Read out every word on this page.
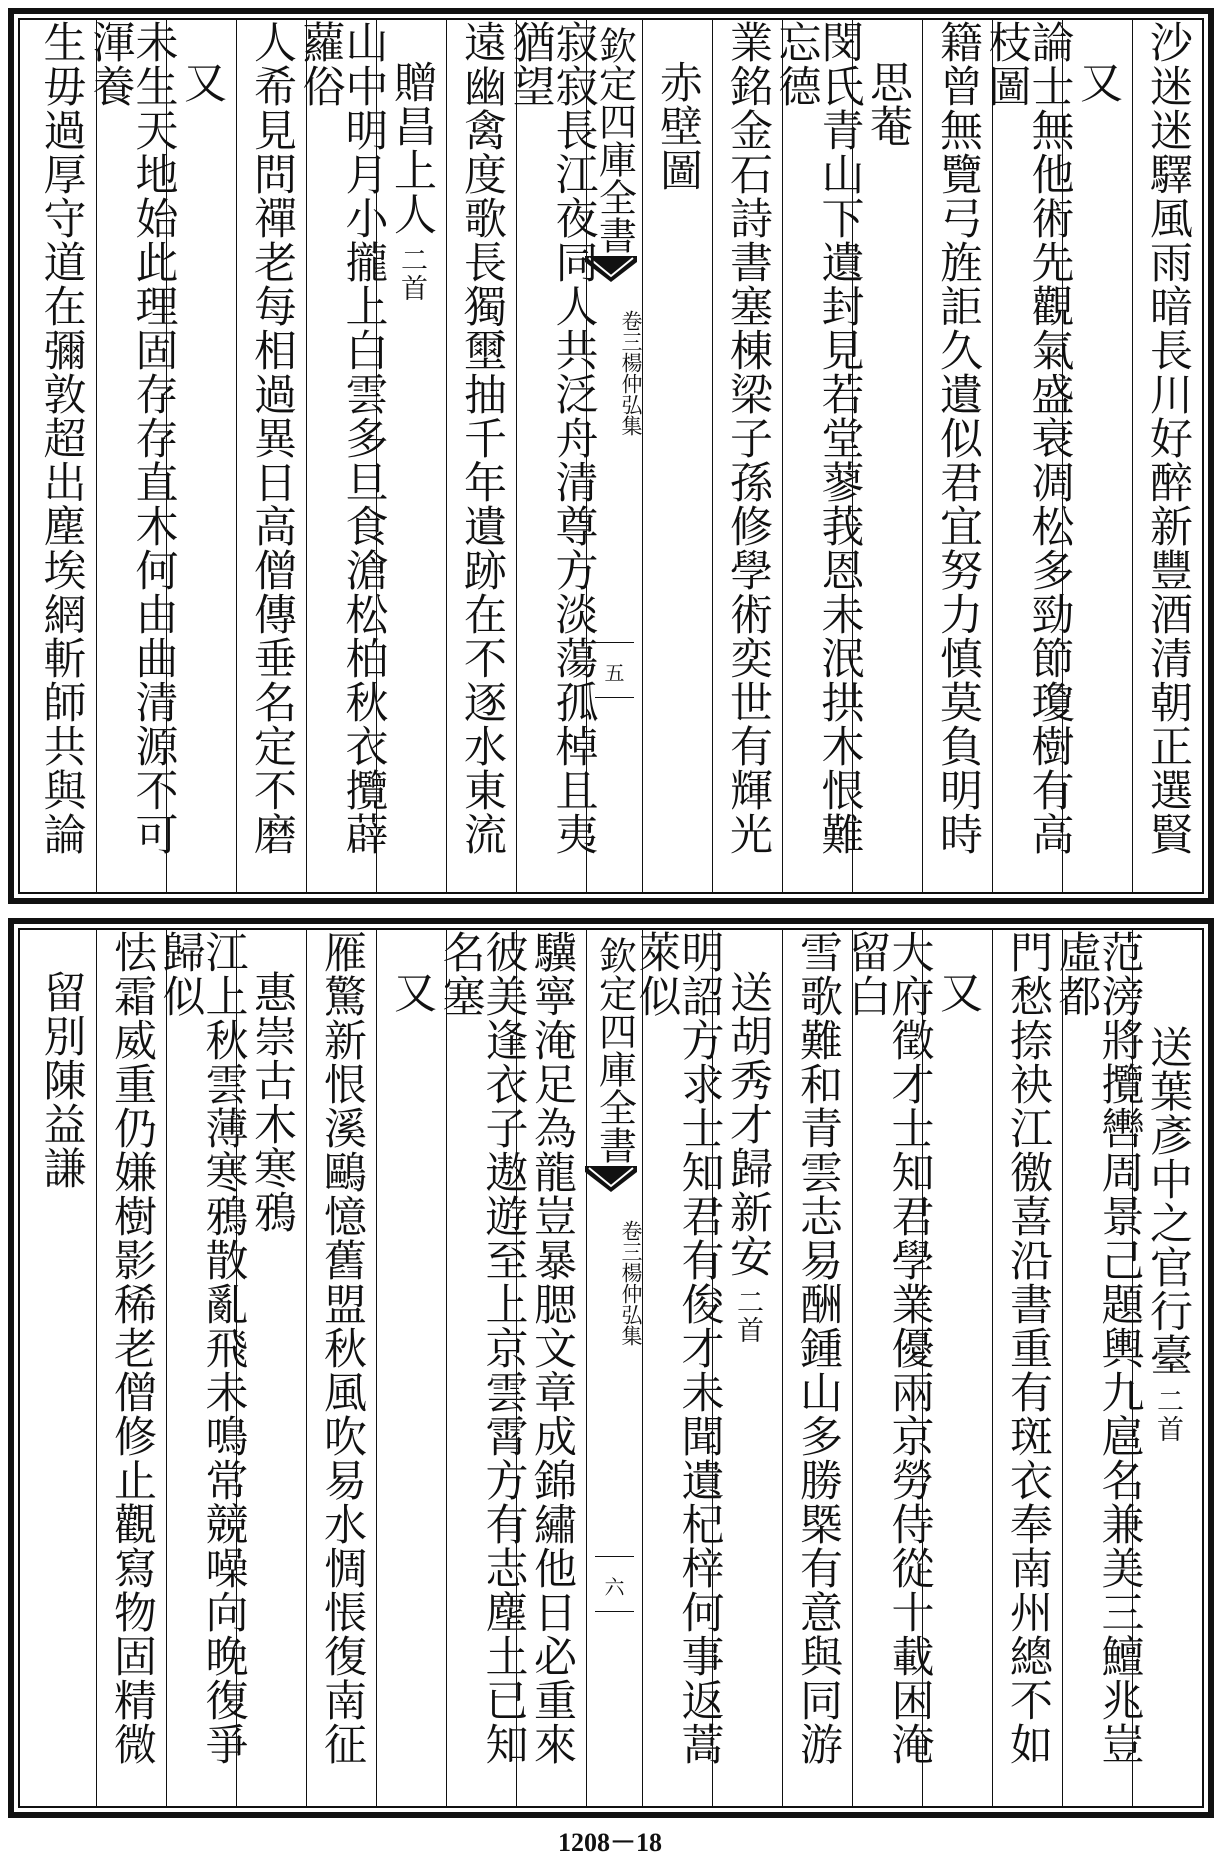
沙迷迷驛風雨暗長川好醉新豐酒清朝正選賢
又
論士無他術先觀氣盛衰凋松多勁節瓊樹有高枝圖
籍曾無覽弓旌詎久遺似君宜努力慎莫負明時
思菴
閔氏青山下遺封見若堂蓼莪恩未泯拱木恨難忘德
業銘金石詩書塞棟梁子孫修學術奕世有輝光
赤壁圖
欽定四庫全書
楊仲弘集
卷三
五
寂寂長江夜同人共泛舟清尊方淡蕩孤棹且夷猶望
遠幽禽度歌長獨壐抽千年遺跡在不逐水東流
贈昌上人
二首
山中明月小攏上白雲多旦食滄松柏秋衣攬薜蘿俗
人希見問禪老每相過異日高僧傳垂名定不磨
又
未生天地始此理固存存直木何由曲清源不可渾養
生毋過厚守道在彌敦超出塵埃網斬師共與論
送葉彥中之官行臺
二首
范滂將攬轡周景己題輿九扈名兼美三鱣兆豈虛都
門愁捺袂江徼喜沿書重有斑衣奉南州總不如
又
大府徵才士知君學業優兩京勞侍從十載困淹留白
雪歌難和青雲志易酬鍾山多勝槩有意與同游
送胡秀才歸新安
二首
明詔方求士知君有俊才未聞遺杞梓何事返蒿萊似
欽定四庫全書
楊仲弘集
卷三
六
驥寧淹足為龍豈暴腮文章成錦繡他日必重來
彼美逢衣子遨遊至上京雲霄方有志塵土已知名塞
又
雁驚新恨溪鷗憶舊盟秋風吹易水惆悵復南征
惠崇古木寒鴉
江上秋雲薄寒鴉散亂飛未鳴常競噪向晚復爭歸似
怯霜威重仍嫌樹影稀老僧修止觀寫物固精微
留別陳益謙
1208－18
